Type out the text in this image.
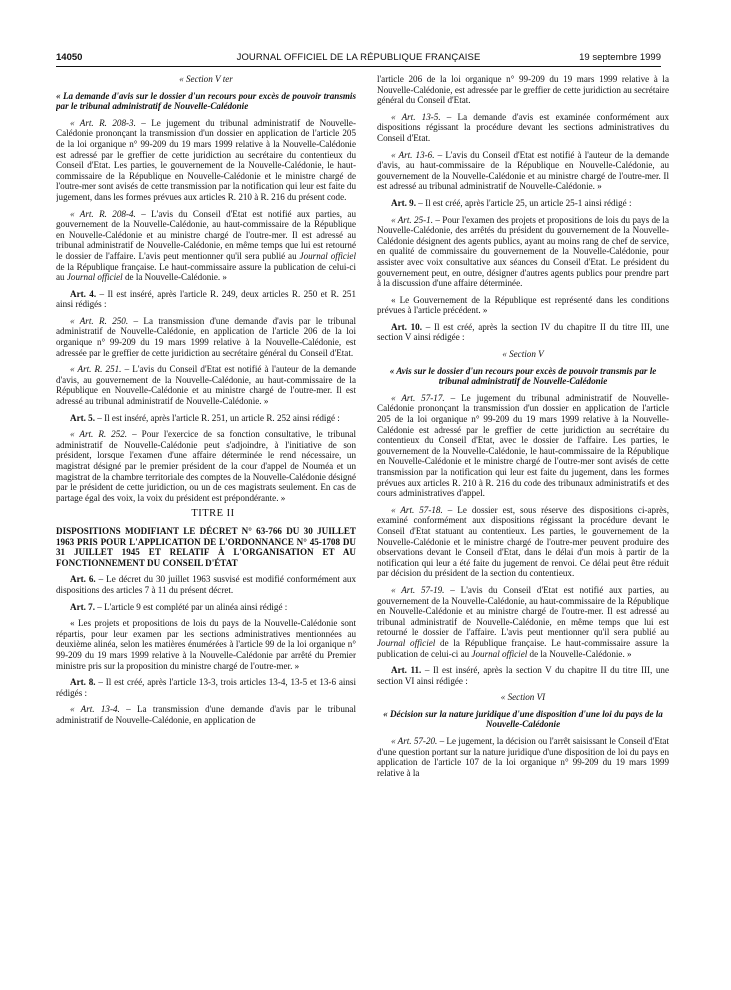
14050	JOURNAL OFFICIEL DE LA RÉPUBLIQUE FRANÇAISE	19 septembre 1999

« Section V ter

« La demande d'avis sur le dossier d'un recours pour excès de pouvoir transmis par le tribunal administratif de Nouvelle-Calédonie

« Art. R. 208-3. – Le jugement du tribunal administratif de Nouvelle-Calédonie prononçant la transmission d'un dossier en application de l'article 205 de la loi organique n° 99-209 du 19 mars 1999 relative à la Nouvelle-Calédonie est adressé par le greffier de cette juridiction au secrétaire du contentieux du Conseil d'Etat. Les parties, le gouvernement de la Nouvelle-Calédonie, le haut-commissaire de la République en Nouvelle-Calédonie et le ministre chargé de l'outre-mer sont avisés de cette transmission par la notification qui leur est faite du jugement, dans les formes prévues aux articles R. 210 à R. 216 du présent code.

« Art. R. 208-4. – L'avis du Conseil d'Etat est notifié aux parties, au gouvernement de la Nouvelle-Calédonie, au haut-commissaire de la République en Nouvelle-Calédonie et au ministre chargé de l'outre-mer. Il est adressé au tribunal administratif de Nouvelle-Calédonie, en même temps que lui est retourné le dossier de l'affaire. L'avis peut mentionner qu'il sera publié au Journal officiel de la République française. Le haut-commissaire assure la publication de celui-ci au Journal officiel de la Nouvelle-Calédonie. »

Art. 4. – Il est inséré, après l'article R. 249, deux articles R. 250 et R. 251 ainsi rédigés :

« Art. R. 250. – La transmission d'une demande d'avis par le tribunal administratif de Nouvelle-Calédonie, en application de l'article 206 de la loi organique n° 99-209 du 19 mars 1999 relative à la Nouvelle-Calédonie, est adressée par le greffier de cette juridiction au secrétaire général du Conseil d'Etat.

« Art. R. 251. – L'avis du Conseil d'Etat est notifié à l'auteur de la demande d'avis, au gouvernement de la Nouvelle-Calédonie, au haut-commissaire de la République en Nouvelle-Calédonie et au ministre chargé de l'outre-mer. Il est adressé au tribunal administratif de Nouvelle-Calédonie. »

Art. 5. – Il est inséré, après l'article R. 251, un article R. 252 ainsi rédigé :

« Art. R. 252. – Pour l'exercice de sa fonction consultative, le tribunal administratif de Nouvelle-Calédonie peut s'adjoindre, à l'initiative de son président, lorsque l'examen d'une affaire déterminée le rend nécessaire, un magistrat désigné par le premier président de la cour d'appel de Nouméa et un magistrat de la chambre territoriale des comptes de la Nouvelle-Calédonie désigné par le président de cette juridiction, ou un de ces magistrats seulement. En cas de partage égal des voix, la voix du président est prépondérante. »

TITRE II

DISPOSITIONS MODIFIANT LE DÉCRET N° 63-766 DU 30 JUILLET 1963 PRIS POUR L'APPLICATION DE L'ORDONNANCE N° 45-1708 DU 31 JUILLET 1945 ET RELATIF À L'ORGANISATION ET AU FONCTIONNEMENT DU CONSEIL D'ÉTAT

Art. 6. – Le décret du 30 juillet 1963 susvisé est modifié conformément aux dispositions des articles 7 à 11 du présent décret.

Art. 7. – L'article 9 est complété par un alinéa ainsi rédigé :

« Les projets et propositions de lois du pays de la Nouvelle-Calédonie sont répartis, pour leur examen par les sections administratives mentionnées au deuxième alinéa, selon les matières énumérées à l'article 99 de la loi organique n° 99-209 du 19 mars 1999 relative à la Nouvelle-Calédonie par arrêté du Premier ministre pris sur la proposition du ministre chargé de l'outre-mer. »

Art. 8. – Il est créé, après l'article 13-3, trois articles 13-4, 13-5 et 13-6 ainsi rédigés :

« Art. 13-4. – La transmission d'une demande d'avis par le tribunal administratif de Nouvelle-Calédonie, en application de

l'article 206 de la loi organique n° 99-209 du 19 mars 1999 relative à la Nouvelle-Calédonie, est adressée par le greffier de cette juridiction au secrétaire général du Conseil d'Etat.

« Art. 13-5. – La demande d'avis est examinée conformément aux dispositions régissant la procédure devant les sections administratives du Conseil d'Etat.

« Art. 13-6. – L'avis du Conseil d'Etat est notifié à l'auteur de la demande d'avis, au haut-commissaire de la République en Nouvelle-Calédonie, au gouvernement de la Nouvelle-Calédonie et au ministre chargé de l'outre-mer. Il est adressé au tribunal administratif de Nouvelle-Calédonie. »

Art. 9. – Il est créé, après l'article 25, un article 25-1 ainsi rédigé :

« Art. 25-1. – Pour l'examen des projets et propositions de lois du pays de la Nouvelle-Calédonie, des arrêtés du président du gouvernement de la Nouvelle-Calédonie désignent des agents publics, ayant au moins rang de chef de service, en qualité de commissaire du gouvernement de la Nouvelle-Calédonie, pour assister avec voix consultative aux séances du Conseil d'Etat. Le président du gouvernement peut, en outre, désigner d'autres agents publics pour prendre part à la discussion d'une affaire déterminée.

« Le Gouvernement de la République est représenté dans les conditions prévues à l'article précédent. »

Art. 10. – Il est créé, après la section IV du chapitre II du titre III, une section V ainsi rédigée :

« Section V

« Avis sur le dossier d'un recours pour excès de pouvoir transmis par le tribunal administratif de Nouvelle-Calédonie

« Art. 57-17. – Le jugement du tribunal administratif de Nouvelle-Calédonie prononçant la transmission d'un dossier en application de l'article 205 de la loi organique n° 99-209 du 19 mars 1999 relative à la Nouvelle-Calédonie est adressé par le greffier de cette juridiction au secrétaire du contentieux du Conseil d'Etat, avec le dossier de l'affaire. Les parties, le gouvernement de la Nouvelle-Calédonie, le haut-commissaire de la République en Nouvelle-Calédonie et le ministre chargé de l'outre-mer sont avisés de cette transmission par la notification qui leur est faite du jugement, dans les formes prévues aux articles R. 210 à R. 216 du code des tribunaux administratifs et des cours administratives d'appel.

« Art. 57-18. – Le dossier est, sous réserve des dispositions ci-après, examiné conformément aux dispositions régissant la procédure devant le Conseil d'Etat statuant au contentieux. Les parties, le gouvernement de la Nouvelle-Calédonie et le ministre chargé de l'outre-mer peuvent produire des observations devant le Conseil d'Etat, dans le délai d'un mois à partir de la notification qui leur a été faite du jugement de renvoi. Ce délai peut être réduit par décision du président de la section du contentieux.

« Art. 57-19. – L'avis du Conseil d'Etat est notifié aux parties, au gouvernement de la Nouvelle-Calédonie, au haut-commissaire de la République en Nouvelle-Calédonie et au ministre chargé de l'outre-mer. Il est adressé au tribunal administratif de Nouvelle-Calédonie, en même temps que lui est retourné le dossier de l'affaire. L'avis peut mentionner qu'il sera publié au Journal officiel de la République française. Le haut-commissaire assure la publication de celui-ci au Journal officiel de la Nouvelle-Calédonie. »

Art. 11. – Il est inséré, après la section V du chapitre II du titre III, une section VI ainsi rédigée :

« Section VI

« Décision sur la nature juridique d'une disposition d'une loi du pays de la Nouvelle-Calédonie

« Art. 57-20. – Le jugement, la décision ou l'arrêt saisissant le Conseil d'Etat d'une question portant sur la nature juridique d'une disposition de loi du pays en application de l'article 107 de la loi organique n° 99-209 du 19 mars 1999 relative à la
